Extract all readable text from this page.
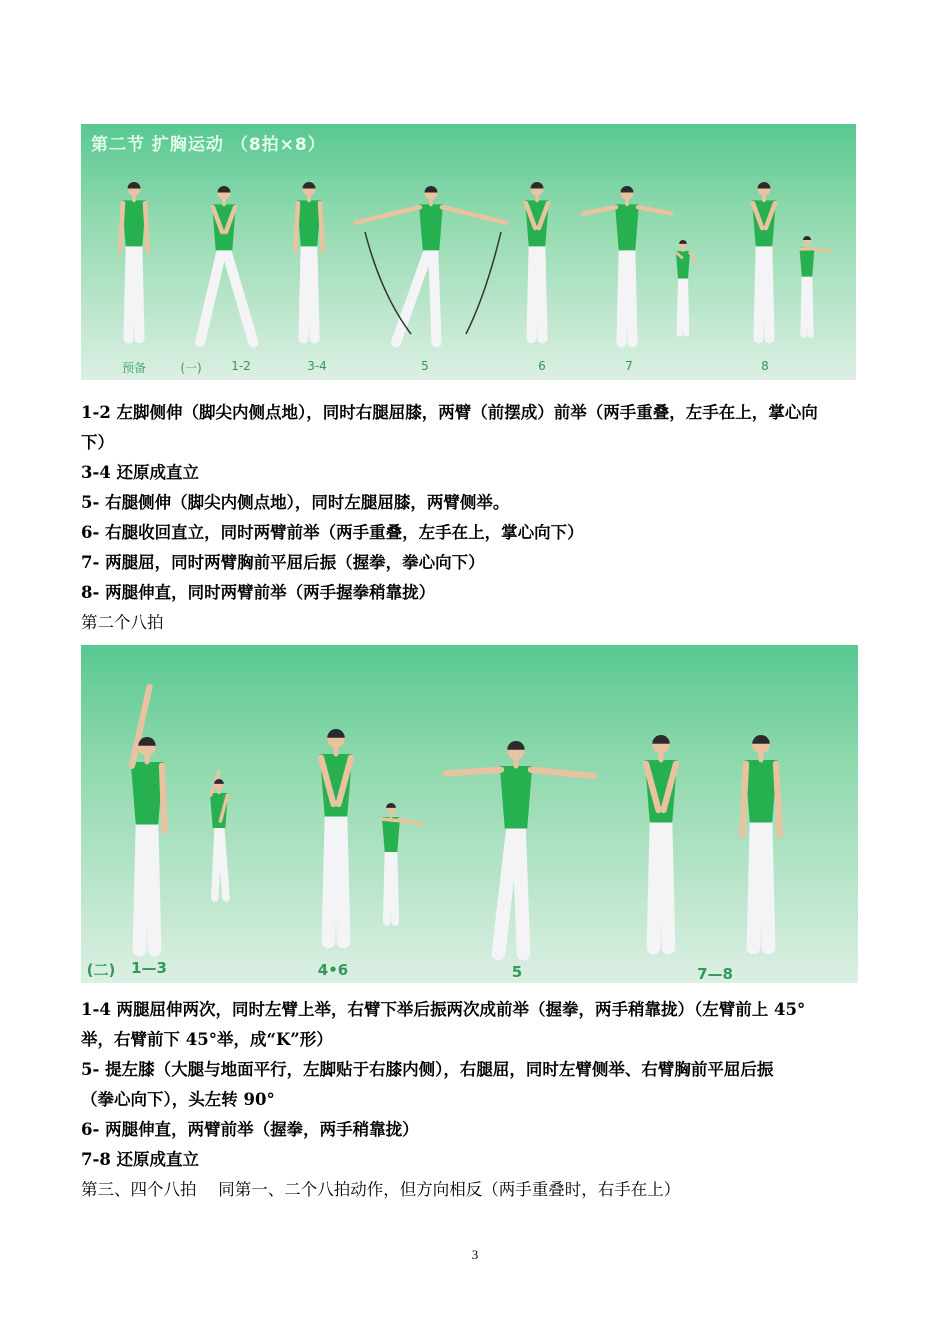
第二节 扩胸运动 （8拍×8）
预备	(一) 1-2	3-4	5	6	7	8

1-2 左脚侧伸（脚尖内侧点地），同时右腿屈膝，两臂（前摆成）前举（两手重叠，左手在上，掌心向

下）

3-4 还原成直立

5- 右腿侧伸（脚尖内侧点地），同时左腿屈膝，两臂侧举。

6- 右腿收回直立，同时两臂前举（两手重叠，左手在上，掌心向下）

7- 两腿屈，同时两臂胸前平屈后振（握拳，拳心向下）

8- 两腿伸直，同时两臂前举（两手握拳稍靠拢）

第二个八拍

(二) 1—3	4•6	5	7—8

1-4 两腿屈伸两次，同时左臂上举，右臂下举后振两次成前举（握拳，两手稍靠拢）（左臂前上 45°

举，右臂前下 45°举，成“K”形）

5- 提左膝（大腿与地面平行，左脚贴于右膝内侧），右腿屈，同时左臂侧举、右臂胸前平屈后振

（拳心向下），头左转 90°

6- 两腿伸直，两臂前举（握拳，两手稍靠拢）

7-8 还原成直立

第三、四个八拍　 同第一、二个八拍动作，但方向相反（两手重叠时，右手在上）

3
